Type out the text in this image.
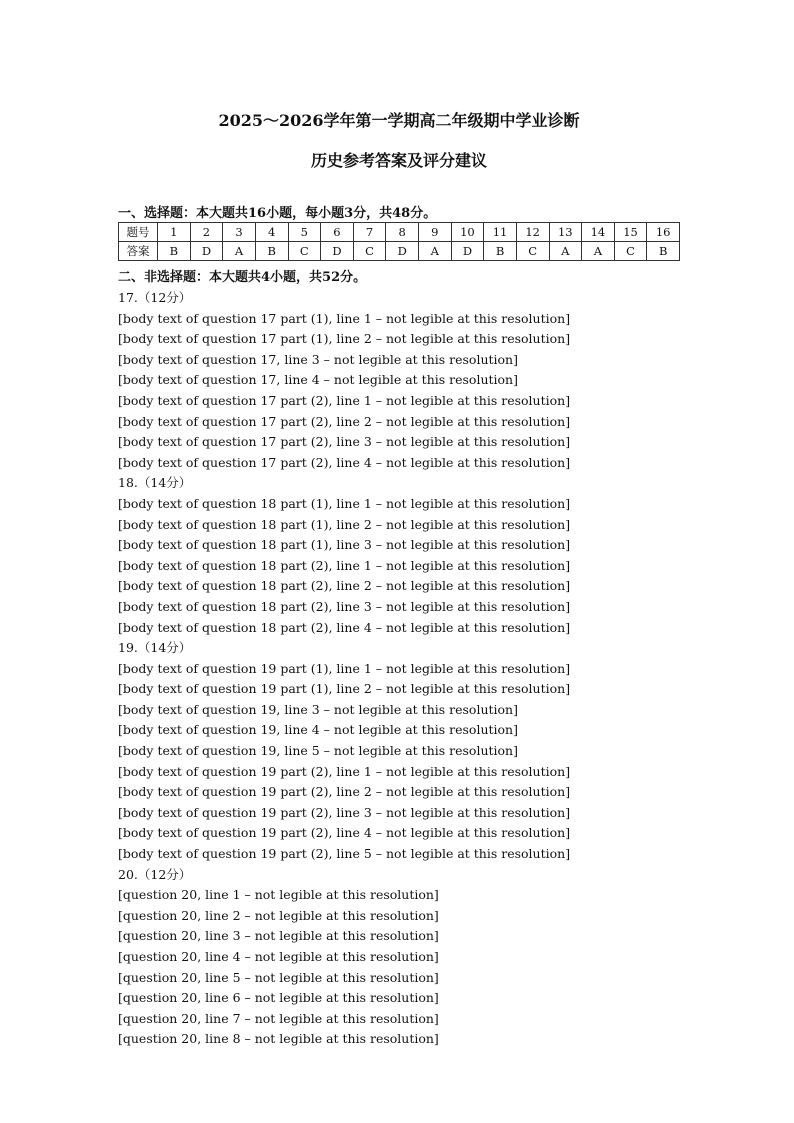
2025～2026学年第一学期高二年级期中学业诊断
历史参考答案及评分建议
一、选择题：本大题共16小题，每小题3分，共48分。
题号	1	2	3	4	5	6	7	8	9	10	11	12	13	14	15	16
答案	B	D	A	B	C	D	C	D	A	D	B	C	A	A	C	B
二、非选择题：本大题共4小题，共52分。
17.（12分）
[body text of question 17 part (1), line 1 – not legible at this resolution]
[body text of question 17 part (1), line 2 – not legible at this resolution]
[body text of question 17, line 3 – not legible at this resolution]
[body text of question 17, line 4 – not legible at this resolution]
[body text of question 17 part (2), line 1 – not legible at this resolution]
[body text of question 17 part (2), line 2 – not legible at this resolution]
[body text of question 17 part (2), line 3 – not legible at this resolution]
[body text of question 17 part (2), line 4 – not legible at this resolution]
18.（14分）
[body text of question 18 part (1), line 1 – not legible at this resolution]
[body text of question 18 part (1), line 2 – not legible at this resolution]
[body text of question 18 part (1), line 3 – not legible at this resolution]
[body text of question 18 part (2), line 1 – not legible at this resolution]
[body text of question 18 part (2), line 2 – not legible at this resolution]
[body text of question 18 part (2), line 3 – not legible at this resolution]
[body text of question 18 part (2), line 4 – not legible at this resolution]
19.（14分）
[body text of question 19 part (1), line 1 – not legible at this resolution]
[body text of question 19 part (1), line 2 – not legible at this resolution]
[body text of question 19, line 3 – not legible at this resolution]
[body text of question 19, line 4 – not legible at this resolution]
[body text of question 19, line 5 – not legible at this resolution]
[body text of question 19 part (2), line 1 – not legible at this resolution]
[body text of question 19 part (2), line 2 – not legible at this resolution]
[body text of question 19 part (2), line 3 – not legible at this resolution]
[body text of question 19 part (2), line 4 – not legible at this resolution]
[body text of question 19 part (2), line 5 – not legible at this resolution]
20.（12分）
[question 20, line 1 – not legible at this resolution]
[question 20, line 2 – not legible at this resolution]
[question 20, line 3 – not legible at this resolution]
[question 20, line 4 – not legible at this resolution]
[question 20, line 5 – not legible at this resolution]
[question 20, line 6 – not legible at this resolution]
[question 20, line 7 – not legible at this resolution]
[question 20, line 8 – not legible at this resolution]
